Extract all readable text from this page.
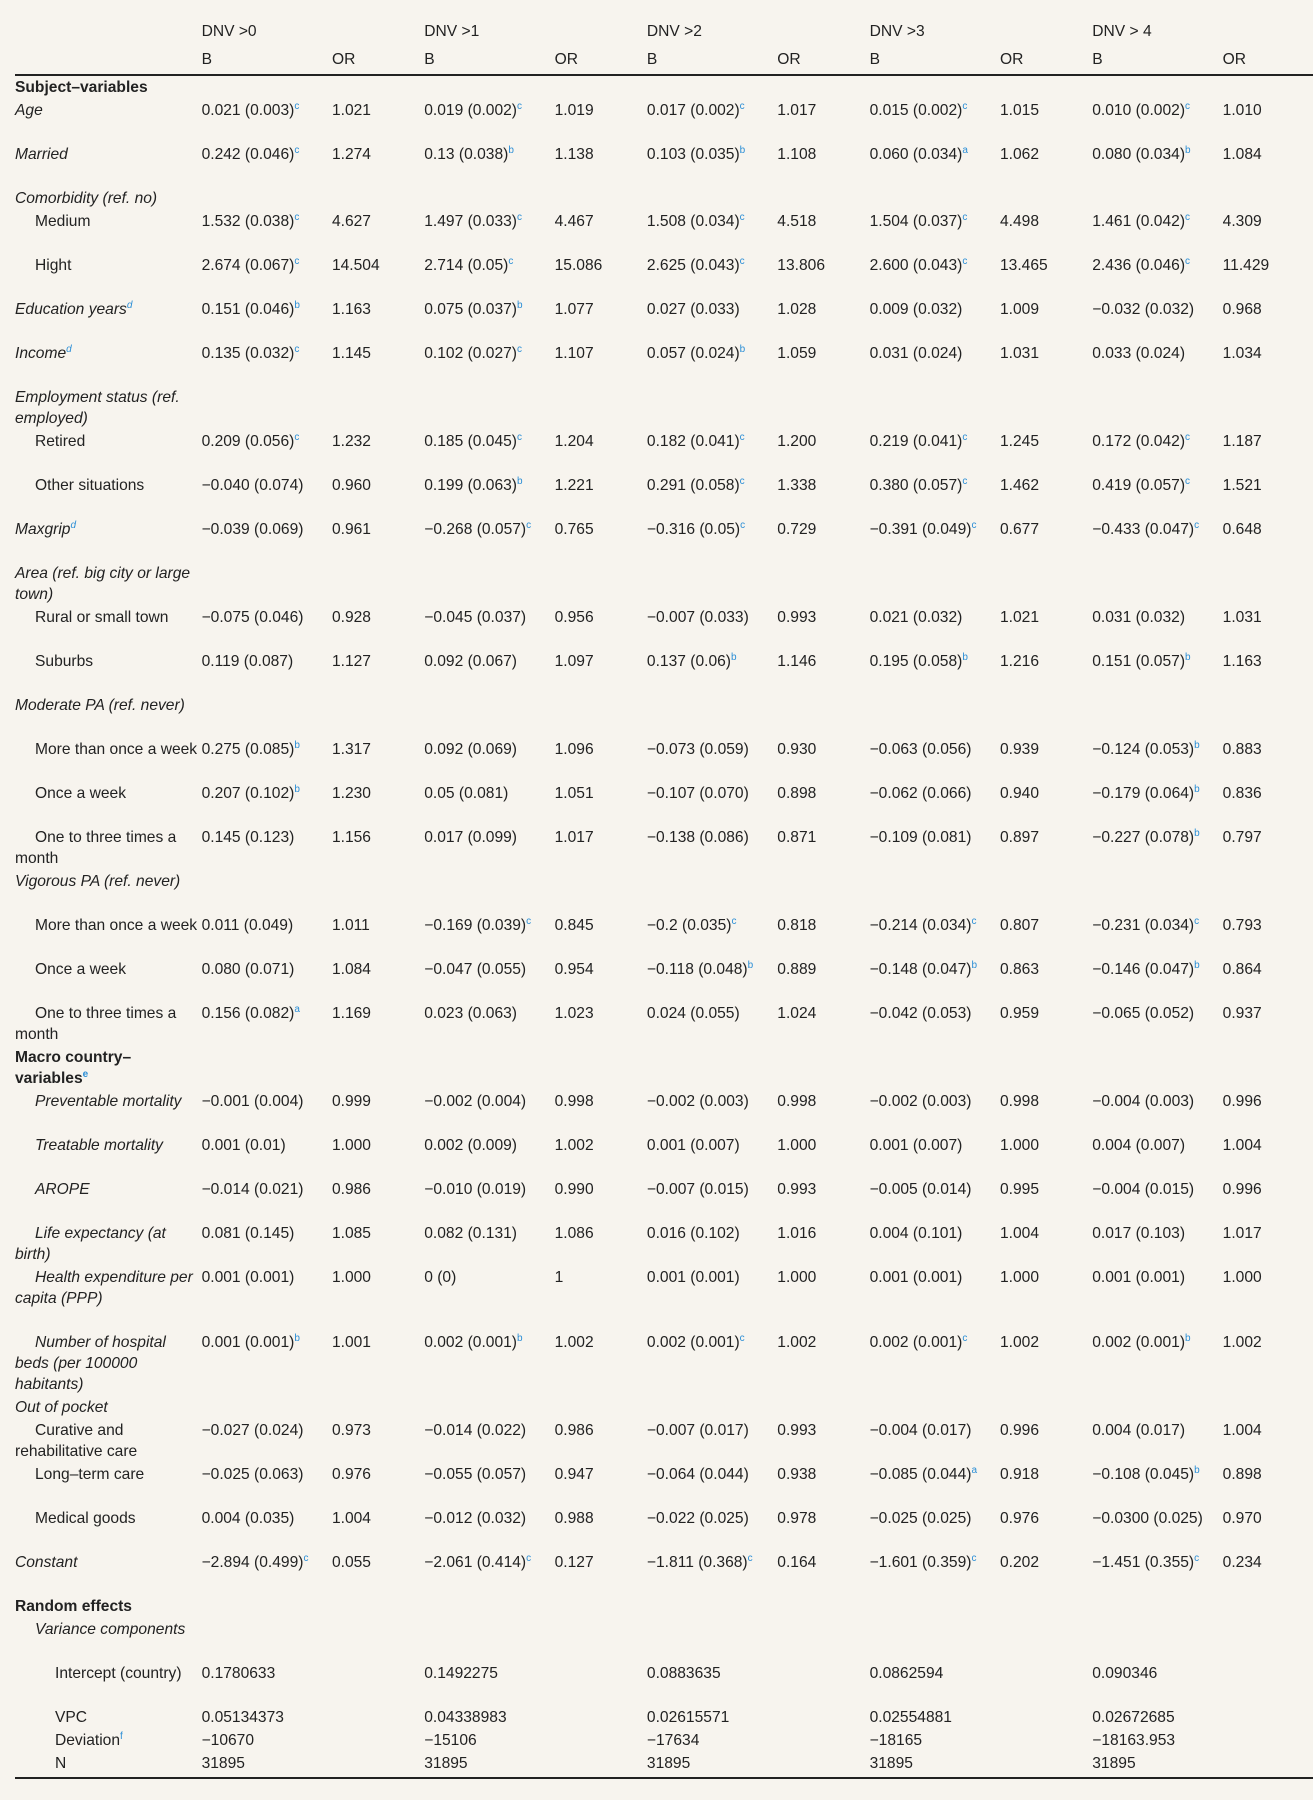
	DNV ˃0		DNV ˃1		DNV ˃2		DNV ˃3		DNV ˃ 4	
	B	OR	B	OR	B	OR	B	OR	B	OR
Subject–variables										
Age	0.021 $(0.003)^c$	1.021	0.019 $(0.002)^c$	1.019	0.017 $(0.002)^c$	1.017	0.015 $(0.002)^c$	1.015	0.010 $(0.002)^c$	1.010
Married	0.242 $(0.046)^c$	1.274	0.13 $(0.038)^b$	1.138	0.103 $(0.035)^b$	1.108	0.060 $(0.034)^a$	1.062	0.080 $(0.034)^b$	1.084
Comorbidity (ref. no)										
Medium	1.532 $(0.038)^c$	4.627	1.497 $(0.033)^c$	4.467	1.508 $(0.034)^c$	4.518	1.504 $(0.037)^c$	4.498	1.461 $(0.042)^c$	4.309
Hight	2.674 $(0.067)^c$	14.504	2.714 $(0.05)^c$	15.086	2.625 $(0.043)^c$	13.806	2.600 $(0.043)^c$	13.465	2.436 $(0.046)^c$	11.429
Education years$^d$	0.151 $(0.046)^b$	1.163	0.075 $(0.037)^b$	1.077	0.027 (0.033)	1.028	0.009 (0.032)	1.009	−0.032 (0.032)	0.968
Income$^d$	0.135 $(0.032)^c$	1.145	0.102 $(0.027)^c$	1.107	0.057 $(0.024)^b$	1.059	0.031 (0.024)	1.031	0.033 (0.024)	1.034
Employment status (ref. employed)										
Retired	0.209 $(0.056)^c$	1.232	0.185 $(0.045)^c$	1.204	0.182 $(0.041)^c$	1.200	0.219 $(0.041)^c$	1.245	0.172 $(0.042)^c$	1.187
Other situations	−0.040 (0.074)	0.960	0.199 $(0.063)^b$	1.221	0.291 $(0.058)^c$	1.338	0.380 $(0.057)^c$	1.462	0.419 $(0.057)^c$	1.521
Maxgrip$^d$	−0.039 (0.069)	0.961	−0.268 $(0.057)^c$	0.765	−0.316 $(0.05)^c$	0.729	−0.391 $(0.049)^c$	0.677	−0.433 $(0.047)^c$	0.648
Area (ref. big city or large town)										
Rural or small town	−0.075 (0.046)	0.928	−0.045 (0.037)	0.956	−0.007 (0.033)	0.993	0.021 (0.032)	1.021	0.031 (0.032)	1.031
Suburbs	0.119 (0.087)	1.127	0.092 (0.067)	1.097	0.137 $(0.06)^b$	1.146	0.195 $(0.058)^b$	1.216	0.151 $(0.057)^b$	1.163
Moderate PA (ref. never)										
More than once a week	0.275 $(0.085)^b$	1.317	0.092 (0.069)	1.096	−0.073 (0.059)	0.930	−0.063 (0.056)	0.939	−0.124 $(0.053)^b$	0.883
Once a week	0.207 $(0.102)^b$	1.230	0.05 (0.081)	1.051	−0.107 (0.070)	0.898	−0.062 (0.066)	0.940	−0.179 $(0.064)^b$	0.836
One to three times a month	0.145 (0.123)	1.156	0.017 (0.099)	1.017	−0.138 (0.086)	0.871	−0.109 (0.081)	0.897	−0.227 $(0.078)^b$	0.797
Vigorous PA (ref. never)										
More than once a week	0.011 (0.049)	1.011	−0.169 $(0.039)^c$	0.845	−0.2 $(0.035)^c$	0.818	−0.214 $(0.034)^c$	0.807	−0.231 $(0.034)^c$	0.793
Once a week	0.080 (0.071)	1.084	−0.047 (0.055)	0.954	−0.118 $(0.048)^b$	0.889	−0.148 $(0.047)^b$	0.863	−0.146 $(0.047)^b$	0.864
One to three times a month	0.156 $(0.082)^a$	1.169	0.023 (0.063)	1.023	0.024 (0.055)	1.024	−0.042 (0.053)	0.959	−0.065 (0.052)	0.937
Macro country–variables$^e$										
Preventable mortality	−0.001 (0.004)	0.999	−0.002 (0.004)	0.998	−0.002 (0.003)	0.998	−0.002 (0.003)	0.998	−0.004 (0.003)	0.996
Treatable mortality	0.001 (0.01)	1.000	0.002 (0.009)	1.002	0.001 (0.007)	1.000	0.001 (0.007)	1.000	0.004 (0.007)	1.004
AROPE	−0.014 (0.021)	0.986	−0.010 (0.019)	0.990	−0.007 (0.015)	0.993	−0.005 (0.014)	0.995	−0.004 (0.015)	0.996
Life expectancy (at birth)	0.081 (0.145)	1.085	0.082 (0.131)	1.086	0.016 (0.102)	1.016	0.004 (0.101)	1.004	0.017 (0.103)	1.017
Health expenditure per capita (PPP)	0.001 (0.001)	1.000	0 (0)	1	0.001 (0.001)	1.000	0.001 (0.001)	1.000	0.001 (0.001)	1.000
Number of hospital beds (per 100000 habitants)	0.001 $(0.001)^b$	1.001	0.002 $(0.001)^b$	1.002	0.002 $(0.001)^c$	1.002	0.002 $(0.001)^c$	1.002	0.002 $(0.001)^b$	1.002
Out of pocket										
Curative and rehabilitative care	−0.027 (0.024)	0.973	−0.014 (0.022)	0.986	−0.007 (0.017)	0.993	−0.004 (0.017)	0.996	0.004 (0.017)	1.004
Long–term care	−0.025 (0.063)	0.976	−0.055 (0.057)	0.947	−0.064 (0.044)	0.938	−0.085 $(0.044)^a$	0.918	−0.108 $(0.045)^b$	0.898
Medical goods	0.004 (0.035)	1.004	−0.012 (0.032)	0.988	−0.022 (0.025)	0.978	−0.025 (0.025)	0.976	−0.0300 (0.025)	0.970
Constant	−2.894 $(0.499)^c$	0.055	−2.061 $(0.414)^c$	0.127	−1.811 $(0.368)^c$	0.164	−1.601 $(0.359)^c$	0.202	−1.451 $(0.355)^c$	0.234
Random effects										
Variance components										
Intercept (country)	0.1780633		0.1492275		0.0883635		0.0862594		0.090346	
VPC	0.05134373		0.04338983		0.02615571		0.02554881		0.02672685	
Deviation$^f$	−10670		−15106		−17634		−18165		−18163.953	
N	31895		31895		31895		31895		31895	
